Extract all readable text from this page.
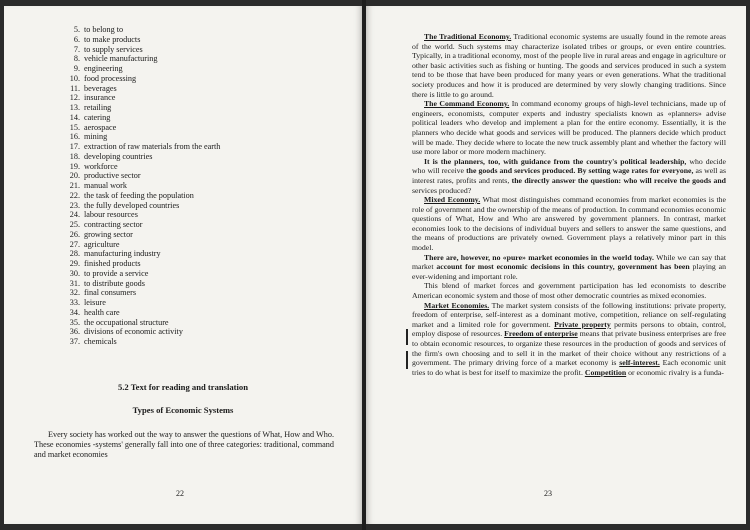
5. to belong to
6. to make products
7. to supply services
8. vehicle manufacturing
9. engineering
10. food processing
11. beverages
12. insurance
13. retailing
14. catering
15. aerospace
16. mining
17. extraction of raw materials from the earth
18. developing countries
19. workforce
20. productive sector
21. manual work
22. the task of feeding the population
23. the fully developed countries
24. labour resources
25. contracting sector
26. growing sector
27. agriculture
28. manufacturing industry
29. finished products
30. to provide a service
31. to distribute goods
32. final consumers
33. leisure
34. health care
35. the occupational structure
36. divisions of economic activity
37. chemicals
5.2 Text for reading and translation
Types of Economic Systems

Every society has worked out the way to answer the questions of What, How and Who. These economies -systems' generally fall into one of three categories: traditional, command and market economies

22

The Traditional Economy. Traditional economic systems are usually found in the remote areas of the world. Such systems may characterize isolated tribes or groups, or even entire countries. Typically, in a traditional economy, most of the people live in rural areas and engage in agriculture or other basic activities such as fishing or hunting. The goods and services produced in such a system tend to be those that have been produced for many years or even generations. What the traditional society produces and how it is produced are determined by very slowly changing traditions. Since there is little to go around.

The Command Economy. In command economy groups of high-level technicians, made up of engineers, economists, computer experts and industry specialists known as «planners» advise political leaders who develop and implement a plan for the entire economy. Essentially, it is the planners who decide what goods and services will be produced. The planners decide which product will be made. They decide where to locate the new truck assembly plant and whether the factory will use more labor or more modern machinery.

It is the planners, too, with guidance from the country's political leadership, who decide who will receive the goods and services produced. By setting wage rates for everyone, as well as interest rates, profits and rents, the directly answer the question: who will receive the goods and services produced?

Mixed Economy. What most distinguishes command economies from market economies is the role of government and the ownership of the means of production. In command economies economic questions of What, How and Who are answered by government planners. In contrast, market economies look to the decisions of individual buyers and sellers to answer the same questions, and the means of productions are privately owned. Government plays a relatively minor part in this model.

There are, however, no «pure» market economies in the world today. While we can say that market account for most economic decisions in this country, government has been playing an ever-widening and important role.

This blend of market forces and government participation has led economists to describe American economic system and those of most other democratic countries as mixed economies.

Market Economies. The market system consists of the following institutions: private property, freedom of enterprise, self-interest as a dominant motive, competition, reliance on self-regulating market and a limited role for government. Private property permits persons to obtain, control, employ dispose of resources. Freedom of enterprise means that private business enterprises are free to obtain economic resources, to organize these resources in the production of goods and services of the firm's own choosing and to sell it in the market of their choice without any restrictions of a government. The primary driving force of a market economy is self-interest. Each economic unit tries to do what is best for itself to maximize the profit. Competition or economic rivalry is a funda-

23
